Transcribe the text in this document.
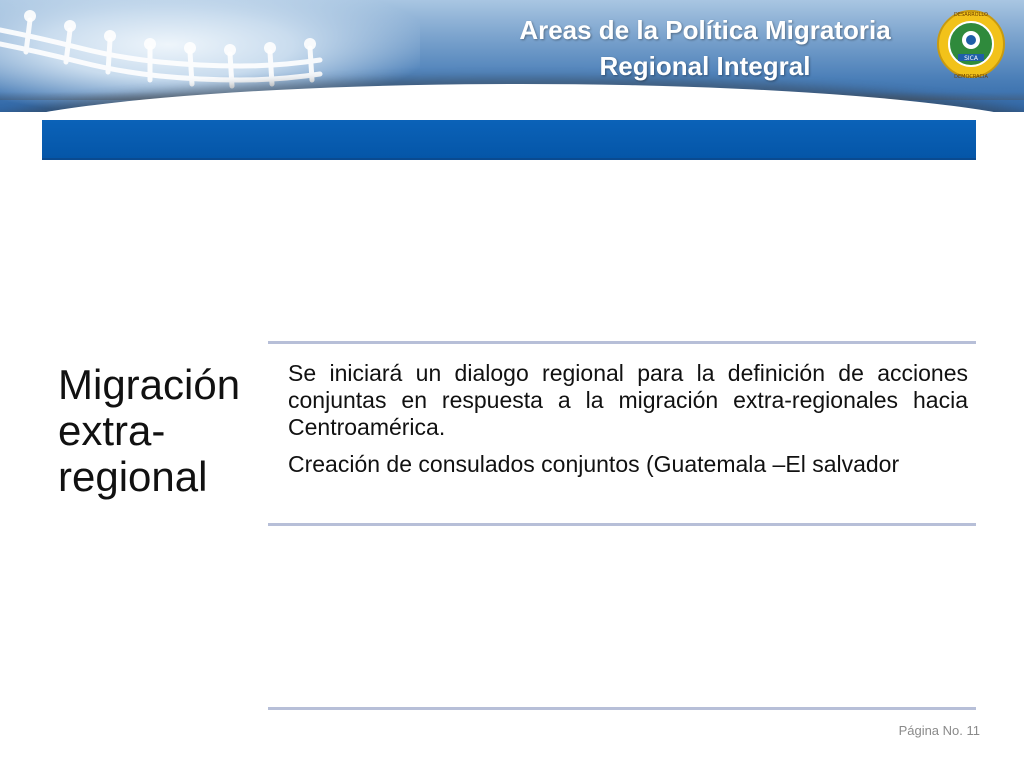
Areas de la Política Migratoria
Regional Integral	SICA
DESARROLLO
DEMOCRACIA
Migración extra-regional

Se iniciará un dialogo regional para la definición de acciones conjuntas en respuesta a la migración extra-regionales hacia Centroamérica.

Creación de consulados conjuntos (Guatemala –El salvador

Página No. 11
